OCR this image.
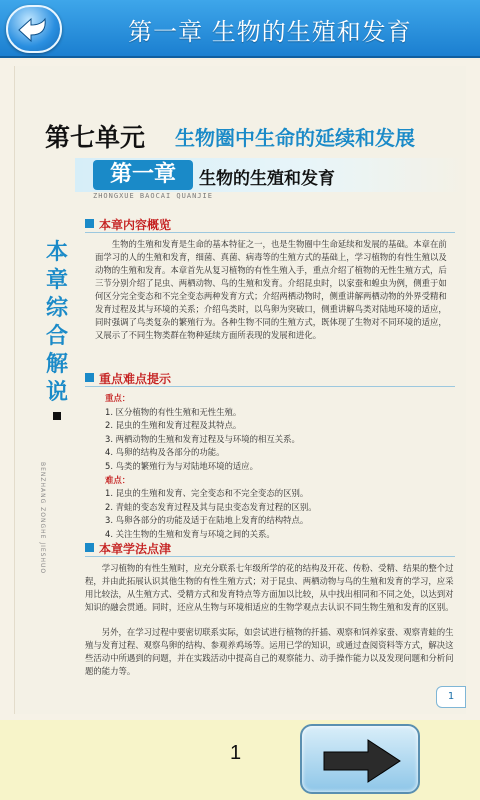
第一章 生物的生殖和发育
第七单元 生物圈中生命的延续和发展
第一章	生物的生殖和发育
ZHONGXUE BAOCAI QUANJIE
本
章
综
合
解
说
BENZHANG ZONGHE JIESHUO
本章内容概览
生物的生殖和发育是生命的基本特征之一，也是生物圈中生命延续和发展的基础。本章在前面学习的人的生殖和发育，细菌、真菌、病毒等的生殖方式的基础上，学习植物的有性生殖以及动物的生殖和发育。本章首先从复习植物的有性生殖入手，重点介绍了植物的无性生殖方式，后三节分别介绍了昆虫、两栖动物、鸟的生殖和发育。介绍昆虫时，以家蚕和蝗虫为例，侧重于如何区分完全变态和不完全变态两种发育方式；介绍两栖动物时，侧重讲解两栖动物的外界受精和发育过程及其与环境的关系；介绍鸟类时，以鸟卵为突破口，侧重讲解鸟类对陆地环境的适应，同时强调了鸟类复杂的繁殖行为。各种生物不同的生殖方式，既体现了生物对不同环境的适应，又展示了不同生物类群在物种延续方面所表现的发展和进化。
重点难点提示
重点：
1. 区分植物的有性生殖和无性生殖。
2. 昆虫的生殖和发育过程及其特点。
3. 两栖动物的生殖和发育过程及与环境的相互关系。
4. 鸟卵的结构及各部分的功能。
5. 鸟类的繁殖行为与对陆地环境的适应。
难点：
1. 昆虫的生殖和发育、完全变态和不完全变态的区别。
2. 青蛙的变态发育过程及其与昆虫变态发育过程的区别。
3. 鸟卵各部分的功能及适于在陆地上发育的结构特点。
4. 关注生物的生殖和发育与环境之间的关系。
本章学法点津
学习植物的有性生殖时，应充分联系七年级所学的花的结构及开花、传粉、受精、结果的整个过程，并由此拓展认识其他生物的有性生殖方式；对于昆虫、两栖动物与鸟的生殖和发育的学习，应采用比较法，从生殖方式、受精方式和发育特点等方面加以比较，从中找出相同和不同之处，以达到对知识的融会贯通。同时，还应从生物与环境相适应的生物学观点去认识不同生物生殖和发育的区别。
另外，在学习过程中要密切联系实际，如尝试进行植物的扦插、观察和饲养家蚕、观察青蛙的生殖与发育过程、观察鸟卵的结构、参观养鸡场等。运用已学的知识，或通过查阅资料等方式，解决这些活动中所遇到的问题，并在实践活动中提高自己的观察能力、动手操作能力以及发现问题和分析问题的能力等。
1
1
